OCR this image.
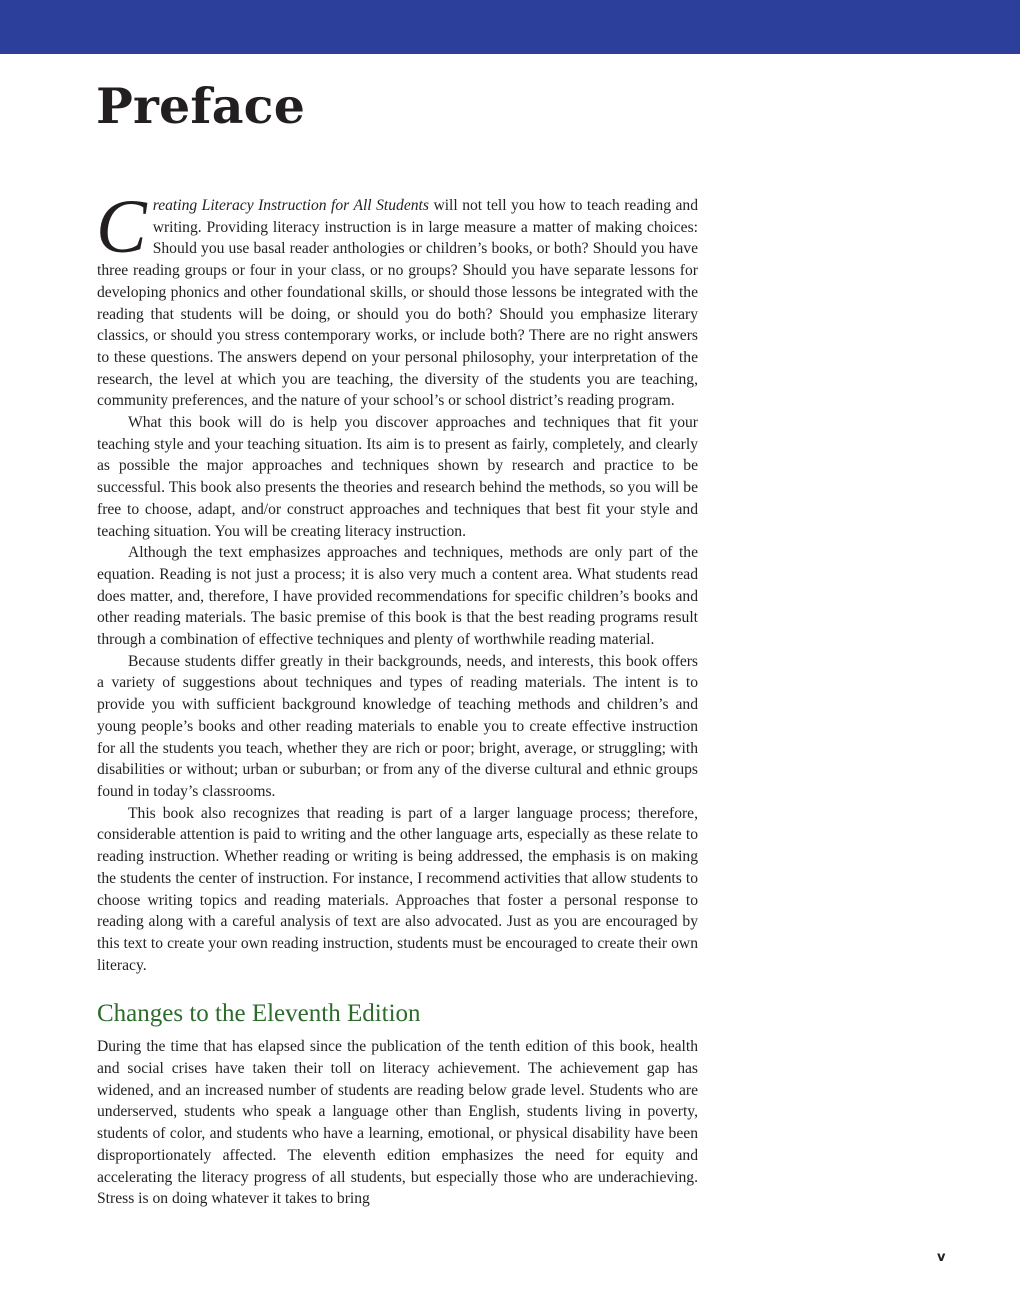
Preface

Creating Literacy Instruction for All Students will not tell you how to teach reading and writing. Providing literacy instruction is in large measure a matter of making choices: Should you use basal reader anthologies or children’s books, or both? Should you have three reading groups or four in your class, or no groups? Should you have separate lessons for developing phonics and other foundational skills, or should those lessons be integrated with the reading that students will be doing, or should you do both? Should you emphasize literary classics, or should you stress contemporary works, or include both? There are no right answers to these questions. The answers depend on your personal philosophy, your interpretation of the research, the level at which you are teaching, the diversity of the students you are teaching, community preferences, and the nature of your school’s or school district’s reading program.

What this book will do is help you discover approaches and techniques that fit your teaching style and your teaching situation. Its aim is to present as fairly, completely, and clearly as possible the major approaches and techniques shown by research and practice to be successful. This book also presents the theories and research behind the methods, so you will be free to choose, adapt, and/or construct approaches and techniques that best fit your style and teaching situation. You will be creating literacy instruction.

Although the text emphasizes approaches and techniques, methods are only part of the equation. Reading is not just a process; it is also very much a content area. What students read does matter, and, therefore, I have provided recommendations for specific children’s books and other reading materials. The basic premise of this book is that the best reading programs result through a combination of effective techniques and plenty of worthwhile reading material.

Because students differ greatly in their backgrounds, needs, and interests, this book offers a variety of suggestions about techniques and types of reading materials. The intent is to provide you with sufficient background knowledge of teaching methods and children’s and young people’s books and other reading materials to enable you to create effective instruction for all the students you teach, whether they are rich or poor; bright, average, or struggling; with disabilities or without; urban or suburban; or from any of the diverse cultural and ethnic groups found in today’s classrooms.

This book also recognizes that reading is part of a larger language process; therefore, considerable attention is paid to writing and the other language arts, especially as these relate to reading instruction. Whether reading or writing is being addressed, the emphasis is on making the students the center of instruction. For instance, I recommend activities that allow students to choose writing topics and reading materials. Approaches that foster a personal response to reading along with a careful analysis of text are also advocated. Just as you are encouraged by this text to create your own reading instruction, students must be encouraged to create their own literacy.

Changes to the Eleventh Edition

During the time that has elapsed since the publication of the tenth edition of this book, health and social crises have taken their toll on literacy achievement. The achievement gap has widened, and an increased number of students are reading below grade level. Students who are underserved, students who speak a language other than English, students living in poverty, students of color, and students who have a learning, emotional, or physical disability have been disproportionately affected. The eleventh edition emphasizes the need for equity and accelerating the literacy progress of all students, but especially those who are underachieving. Stress is on doing whatever it takes to bring

v
